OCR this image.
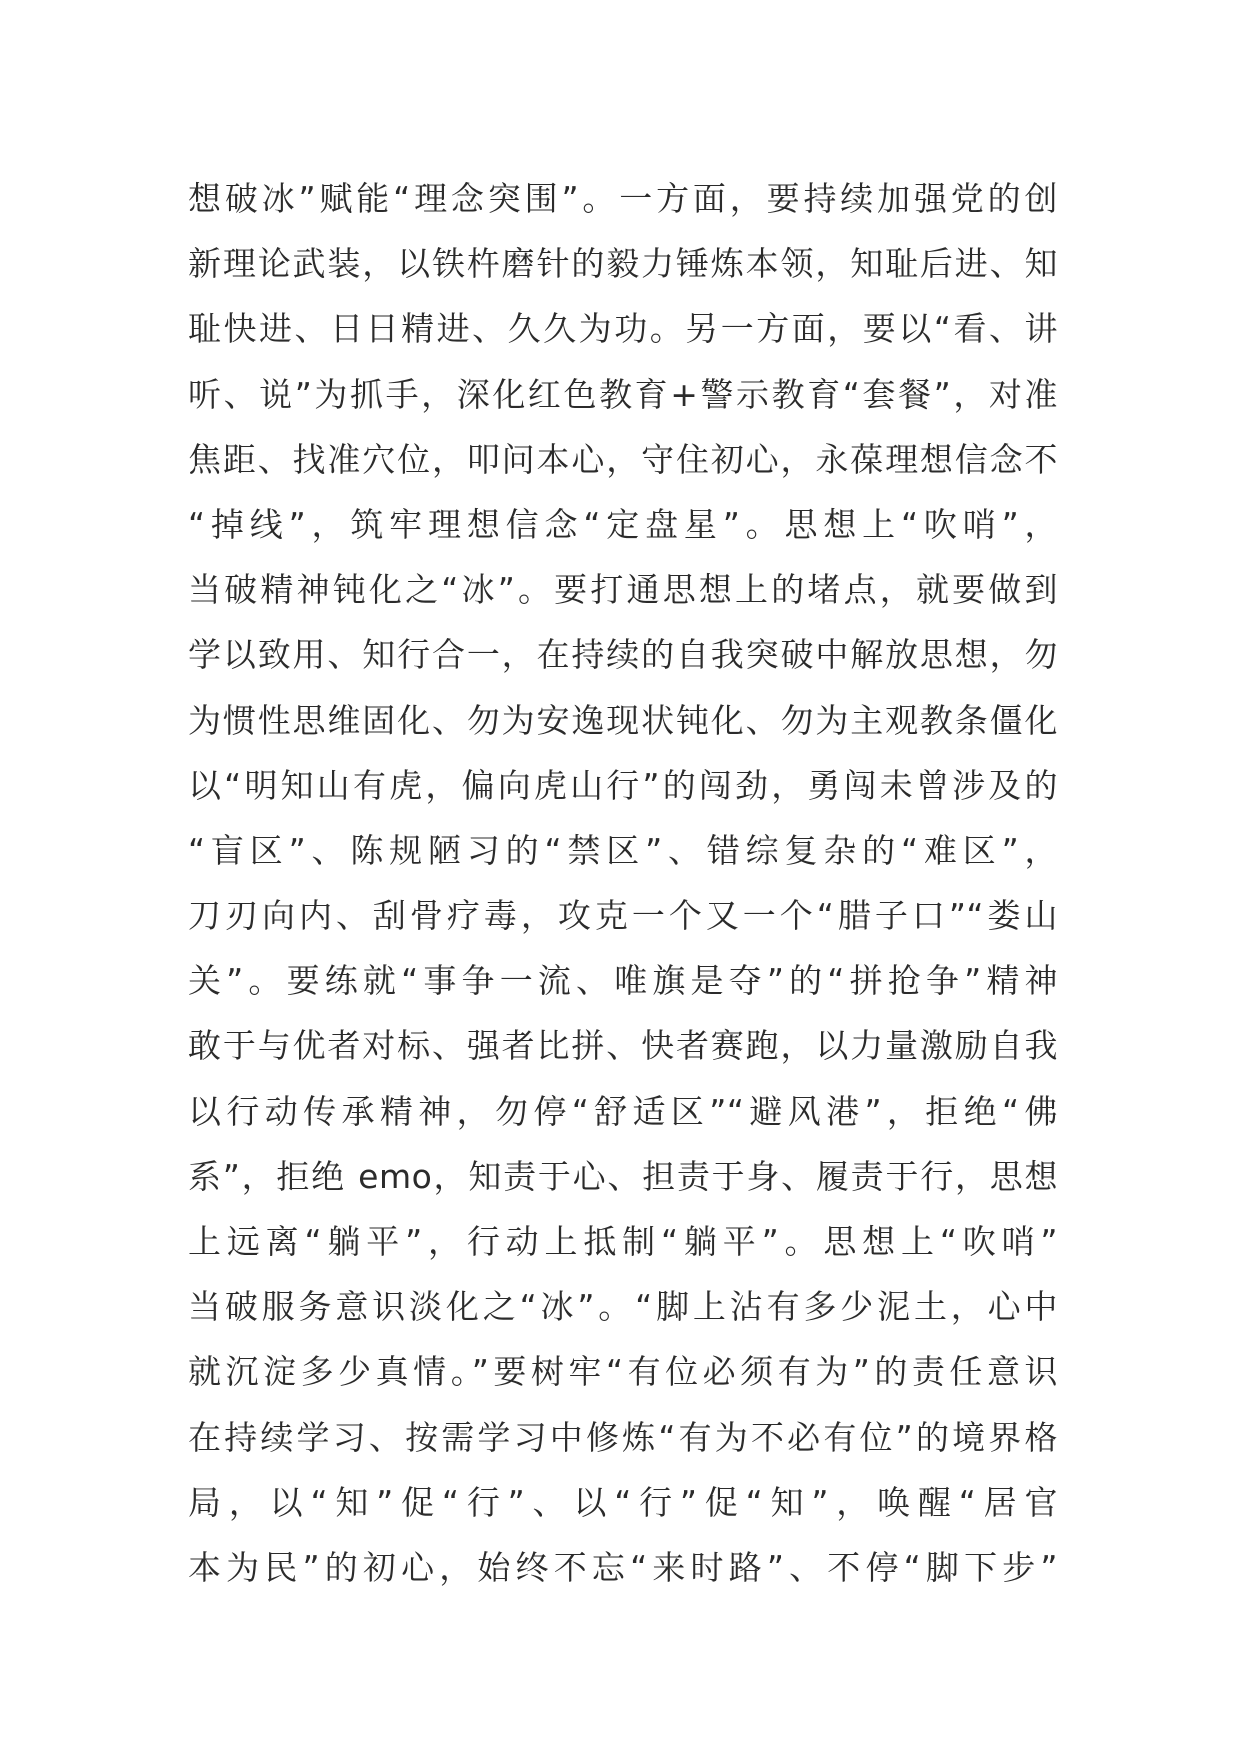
想破冰”赋能“理念突围”。一方面，要持续加强党的创
新理论武装，以铁杵磨针的毅力锤炼本领，知耻后进、知
耻快进、日日精进、久久为功。另一方面，要以“看、讲
听、说”为抓手，深化红色教育+警示教育“套餐”，对准
焦距、找准穴位，叩问本心，守住初心，永葆理想信念不
“掉线”，筑牢理想信念“定盘星”。思想上“吹哨”，
当破精神钝化之“冰”。要打通思想上的堵点，就要做到
学以致用、知行合一，在持续的自我突破中解放思想，勿
为惯性思维固化、勿为安逸现状钝化、勿为主观教条僵化
以“明知山有虎，偏向虎山行”的闯劲，勇闯未曾涉及的
“盲区”、陈规陋习的“禁区”、错综复杂的“难区”，
刀刃向内、刮骨疗毒，攻克一个又一个“腊子口”“娄山
关”。要练就“事争一流、唯旗是夺”的“拼抢争”精神
敢于与优者对标、强者比拼、快者赛跑，以力量激励自我
以行动传承精神，勿停“舒适区”“避风港”，拒绝“佛
系”，拒绝 emo，知责于心、担责于身、履责于行，思想
上远离“躺平”，行动上抵制“躺平”。思想上“吹哨”
当破服务意识淡化之“冰”。“脚上沾有多少泥土，心中
就沉淀多少真情。”要树牢“有位必须有为”的责任意识
在持续学习、按需学习中修炼“有为不必有位”的境界格
局，以“知”促“行”、以“行”促“知”，唤醒“居官
本为民”的初心，始终不忘“来时路”、不停“脚下步”
